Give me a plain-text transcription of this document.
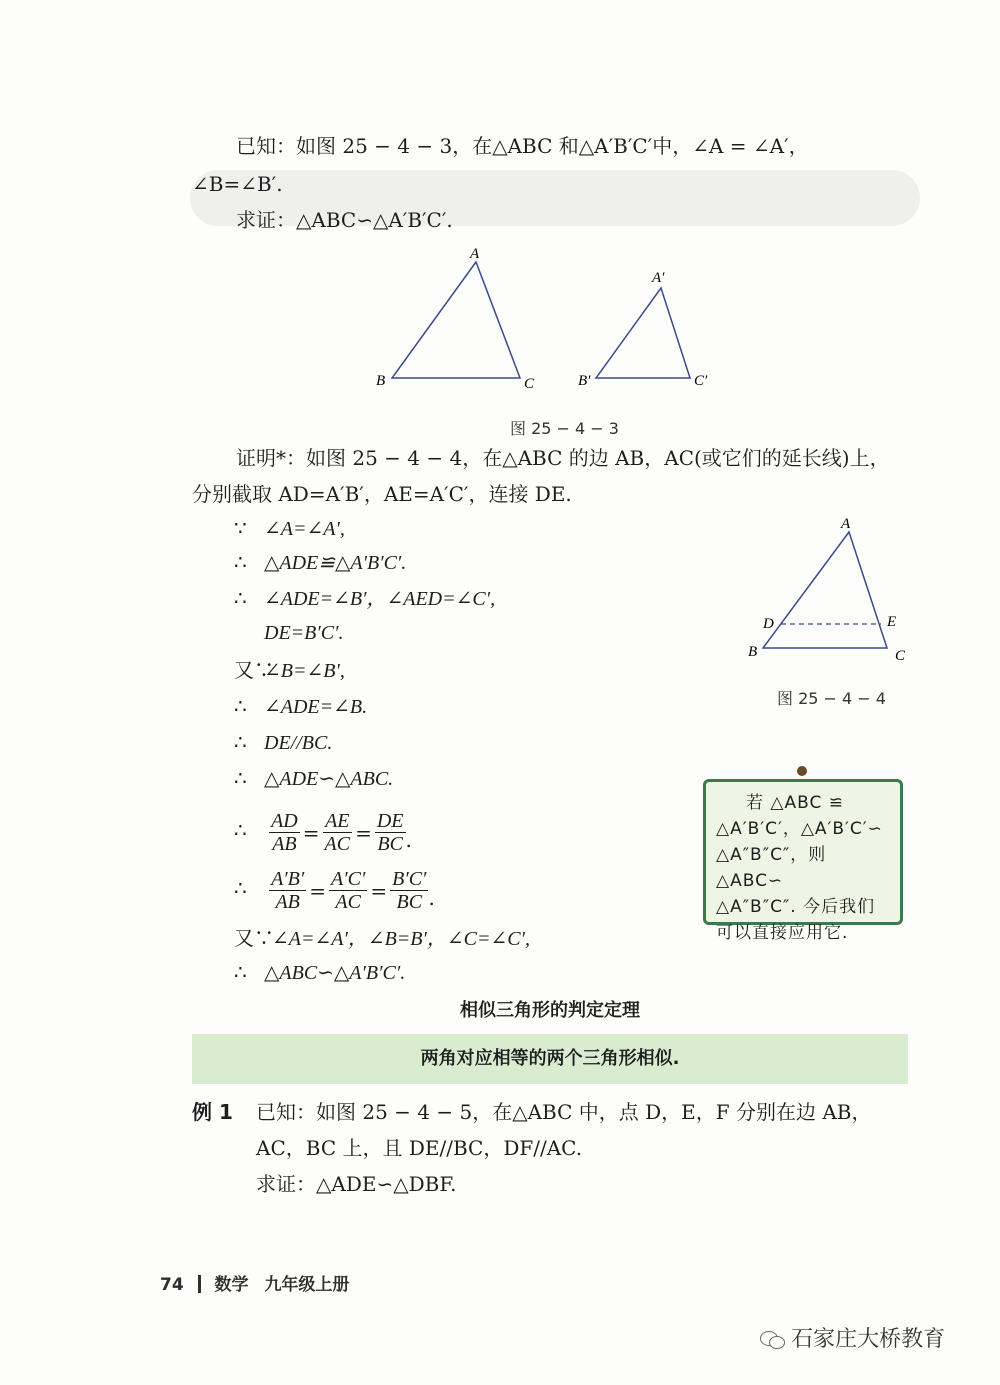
已知：如图 25 − 4 − 3，在△ABC 和△A′B′C′中，∠A = ∠A′，
∠B=∠B′.
求证：△ABC∽△A′B′C′.
A
B	C
A′
B′	C′
图 25 − 4 − 3
证明*：如图 25 − 4 − 4，在△ABC 的边 AB，AC(或它们的延长线)上，
分别截取 AD=A′B′，AE=A′C′，连接 DE.
∵ ∠A=∠A′,
∴ △ADE≌△A′B′C′.
∴ ∠ADE=∠B′，∠AED=∠C′,
DE=B′C′.
又∵∠B=∠B′,
∴ ∠ADE=∠B.
∴ DE//BC.
∴ △ADE∽△ABC.
∴ $\frac{AD}{AB} = \frac{AE}{AC} = \frac{DE}{BC}$ .
∴ $\frac{A'B'}{AB} = \frac{A'C'}{AC} = \frac{B'C'}{BC}$ .
又∵∠A=∠A′，∠B=B′，∠C=∠C′,
∴ △ABC∽△A′B′C′.
A
B	C
D	E
图 25 − 4 − 4
若 △ABC ≌
△A′B′C′，△A′B′C′∽
△A″B″C″，则△ABC∽
△A″B″C″. 今后我们
可以直接应用它.
相似三角形的判定定理
两角对应相等的两个三角形相似.
例 1 已知：如图 25 − 4 − 5，在△ABC 中，点 D，E，F 分别在边 AB，
AC，BC 上，且 DE//BC，DF//AC.
求证：△ADE∽△DBF.
74 数学 九年级上册
石家庄大桥教育
